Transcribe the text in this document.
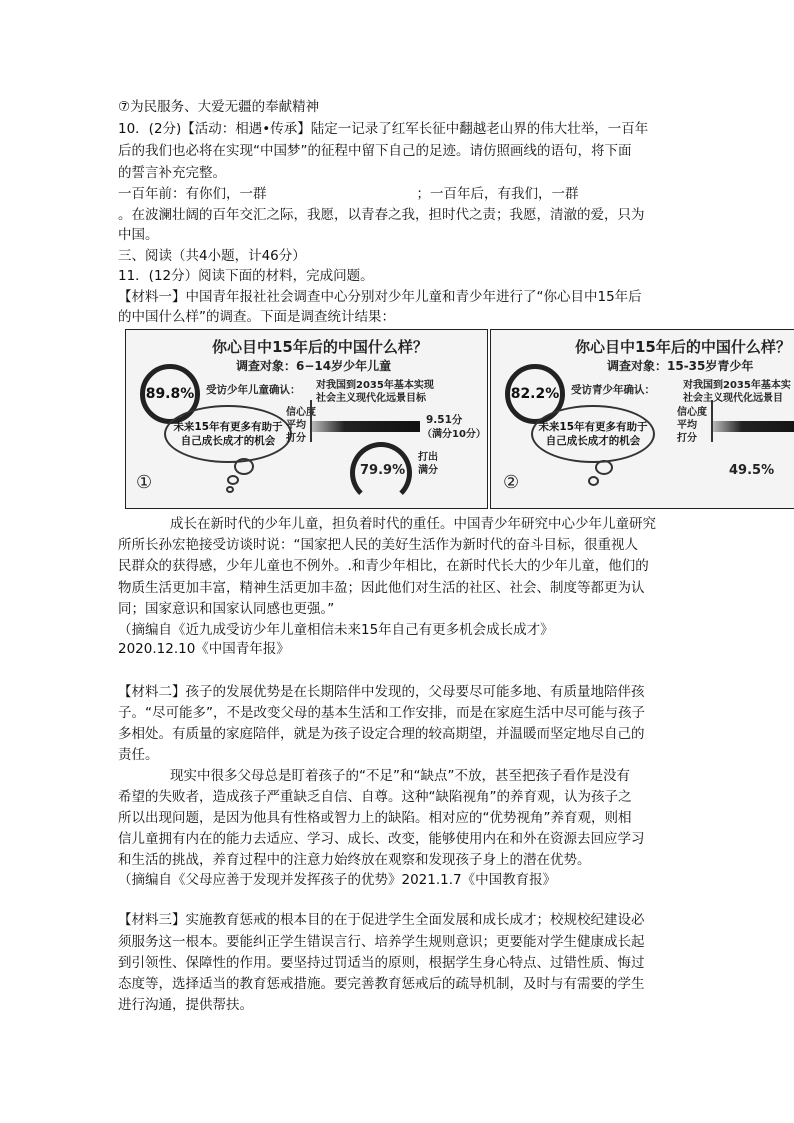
⑦为民服务、大爱无疆的奉献精神
10．(2分)【活动：相遇•传承】陆定一记录了红军长征中翻越老山界的伟大壮举，一百年
后的我们也必将在实现“中国梦”的征程中留下自己的足迹。请仿照画线的语句，将下面
的誓言补充完整。
一百年前：有你们，一群	；一百年后，有我们，一群
。在波澜壮阔的百年交汇之际，我愿，以青春之我，担时代之责；我愿，清澈的爱，只为
中国。
三、阅读（共4小题，计46分）
11．(12分）阅读下面的材料，完成问题。
【材料一】中国青年报社社会调查中心分别对少年儿童和青少年进行了“你心目中15年后
的中国什么样”的调查。下面是调查统计结果：
你心目中15年后的中国什么样？
调查对象：6−14岁少年儿童
89.8%	受访少年儿童确认： 对我国到2035年基本实现
社会主义现代化远景目标
未来15年有更多有助于
自己成长成才的机会
信心度
平均
打分
9.51分
（满分10分）
79.9%
打出
满分
①
你心目中15年后的中国什么样？
调查对象：15-35岁青少年
82.2%	受访青少年确认：	对我国到2035年基本实
社会主义现代化远景目
未来15年有更多有助于
自己成长成才的机会
信心度
平均
打分
49.5%
②
成长在新时代的少年儿童，担负着时代的重任。中国青少年研究中心少年儿童研究
所所长孙宏艳接受访谈时说：“国家把人民的美好生活作为新时代的奋斗目标，很重视人
民群众的获得感，少年儿童也不例外。.和青少年相比，在新时代长大的少年儿童，他们的
物质生活更加丰富，精神生活更加丰盈；因此他们对生活的社区、社会、制度等都更为认
同；国家意识和国家认同感也更强。”
（摘编自《近九成受访少年儿童相信未来15年自己有更多机会成长成才》
2020.12.10《中国青年报》
【材料二】孩子的发展优势是在长期陪伴中发现的，父母要尽可能多地、有质量地陪伴孩
子。“尽可能多”，不是改变父母的基本生活和工作安排，而是在家庭生活中尽可能与孩子
多相处。有质量的家庭陪伴，就是为孩子设定合理的较高期望，并温暖而坚定地尽自己的
责任。
现实中很多父母总是盯着孩子的“不足”和“缺点”不放，甚至把孩子看作是没有
希望的失败者，造成孩子严重缺乏自信、自尊。这种“缺陷视角”的养育观，认为孩子之
所以出现问题，是因为他具有性格或智力上的缺陷。相对应的“优势视角”养育观，则相
信儿童拥有内在的能力去适应、学习、成长、改变，能够使用内在和外在资源去回应学习
和生活的挑战，养育过程中的注意力始终放在观察和发现孩子身上的潜在优势。
（摘编自《父母应善于发现并发挥孩子的优势》2021.1.7《中国教育报》
【材料三】实施教育惩戒的根本目的在于促进学生全面发展和成长成才；校规校纪建设必
须服务这一根本。要能纠正学生错误言行、培养学生规则意识；更要能对学生健康成长起
到引领性、保障性的作用。要坚持过罚适当的原则，根据学生身心特点、过错性质、悔过
态度等，选择适当的教育惩戒措施。要完善教育惩戒后的疏导机制，及时与有需要的学生
进行沟通，提供帮扶。
